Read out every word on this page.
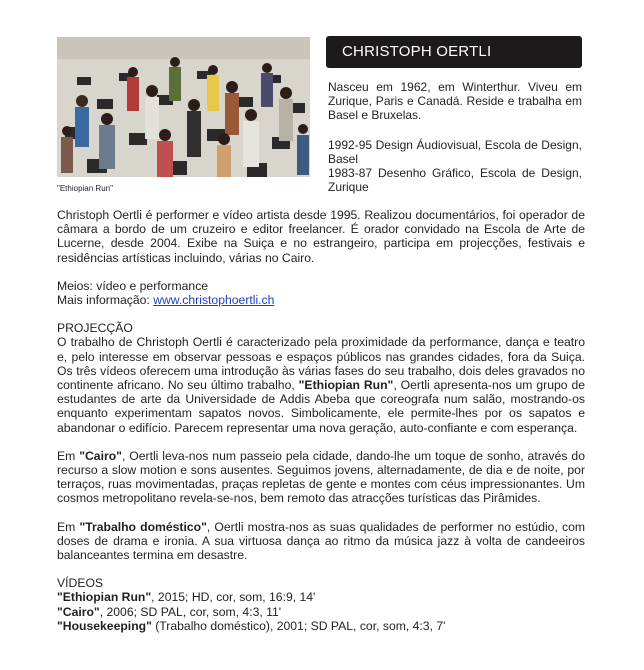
"Ethiopian Run"
CHRISTOPH OERTLI

Nasceu em 1962, em Winterthur. Viveu em Zurique, Paris e Canadá. Reside e trabalha em Basel e Bruxelas.

1992-95 Design Áudiovisual, Escola de Design, Basel

1983-87 Desenho Gráfico, Escola de Design, Zurique

Christoph Oertli é performer e vídeo artista desde 1995. Realizou documentários, foi operador de câmara a bordo de um cruzeiro e editor freelancer. É orador convidado na Escola de Arte de Lucerne, desde 2004. Exibe na Suiça e no estrangeiro, participa em projecções, festivais e residências artísticas incluindo, várias no Cairo.

Meios: vídeo e performance

Mais informação: www.christophoertli.ch

PROJECÇÃO

O trabalho de Christoph Oertli é caracterizado pela proximidade da performance, dança e teatro e, pelo interesse em observar pessoas e espaços públicos nas grandes cidades, fora da Suiça. Os três vídeos oferecem uma introdução às várias fases do seu trabalho, dois deles gravados no continente africano. No seu último trabalho, "Ethiopian Run", Oertli apresenta-nos um grupo de estudantes de arte da Universidade de Addis Abeba que coreografa num salão, mostrando-os enquanto experimentam sapatos novos. Simbolicamente, ele permite-lhes por os sapatos e abandonar o edifício. Parecem representar uma nova geração, auto-confiante e com esperança.

Em "Cairo", Oertli leva-nos num passeio pela cidade, dando-lhe um toque de sonho, através do recurso a slow motion e sons ausentes. Seguimos jovens, alternadamente, de dia e de noite, por terraços, ruas movimentadas, praças repletas de gente e montes com céus impressionantes. Um cosmos metropolitano revela-se-nos, bem remoto das atracções turísticas das Pirâmides.

Em "Trabalho doméstico", Oertli mostra-nos as suas qualidades de performer no estúdio, com doses de drama e ironia. A sua virtuosa dança ao ritmo da música jazz à volta de candeeiros balanceantes termina em desastre.

VÍDEOS

"Ethiopian Run", 2015; HD, cor, som, 16:9, 14'

"Cairo", 2006; SD PAL, cor, som, 4:3, 11'

"Housekeeping" (Trabalho doméstico), 2001; SD PAL, cor, som, 4:3, 7'
